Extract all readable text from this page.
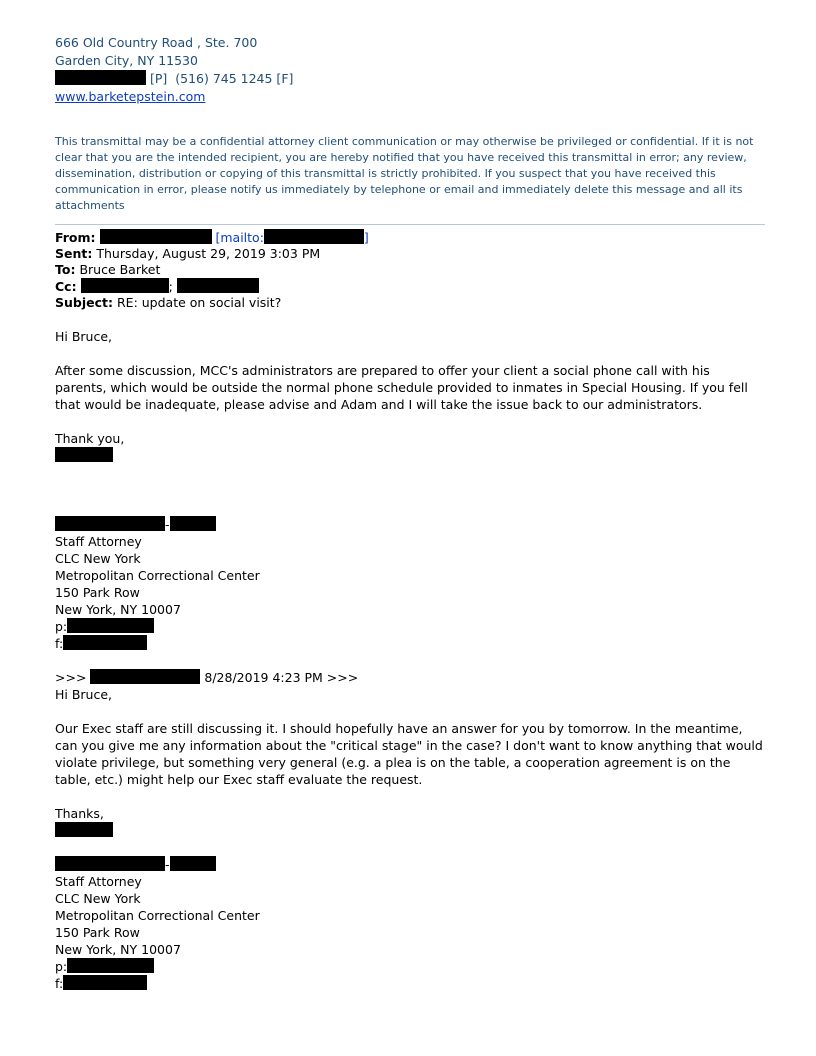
666 Old Country Road , Ste. 700
Garden City, NY 11530
[P] (516) 745 1245 [F]
www.barketepstein.com
This transmittal may be a confidential attorney client communication or may otherwise be privileged or confidential. If it is not clear that you are the intended recipient, you are hereby notified that you have received this transmittal in error; any review, dissemination, distribution or copying of this transmittal is strictly prohibited. If you suspect that you have received this communication in error, please notify us immediately by telephone or email and immediately delete this message and all its attachments
From:	[mailto:	]
Sent: Thursday, August 29, 2019 3:03 PM
To: Bruce Barket
Cc:	;
Subject: RE: update on social visit?

Hi Bruce,

After some discussion, MCC's administrators are prepared to offer your client a social phone call with his parents, which would be outside the normal phone schedule provided to inmates in Special Housing. If you fell that would be inadequate, please advise and Adam and I will take the issue back to our administrators.

Thank you,

-
Staff Attorney
CLC New York
Metropolitan Correctional Center
150 Park Row
New York, NY 10007
p:
f:
>>>	8/28/2019 4:23 PM >>>

Hi Bruce,

Our Exec staff are still discussing it. I should hopefully have an answer for you by tomorrow. In the meantime, can you give me any information about the "critical stage" in the case? I don't want to know anything that would violate privilege, but something very general (e.g. a plea is on the table, a cooperation agreement is on the table, etc.) might help our Exec staff evaluate the request.

Thanks,

-
Staff Attorney
CLC New York
Metropolitan Correctional Center
150 Park Row
New York, NY 10007
p:
f:
